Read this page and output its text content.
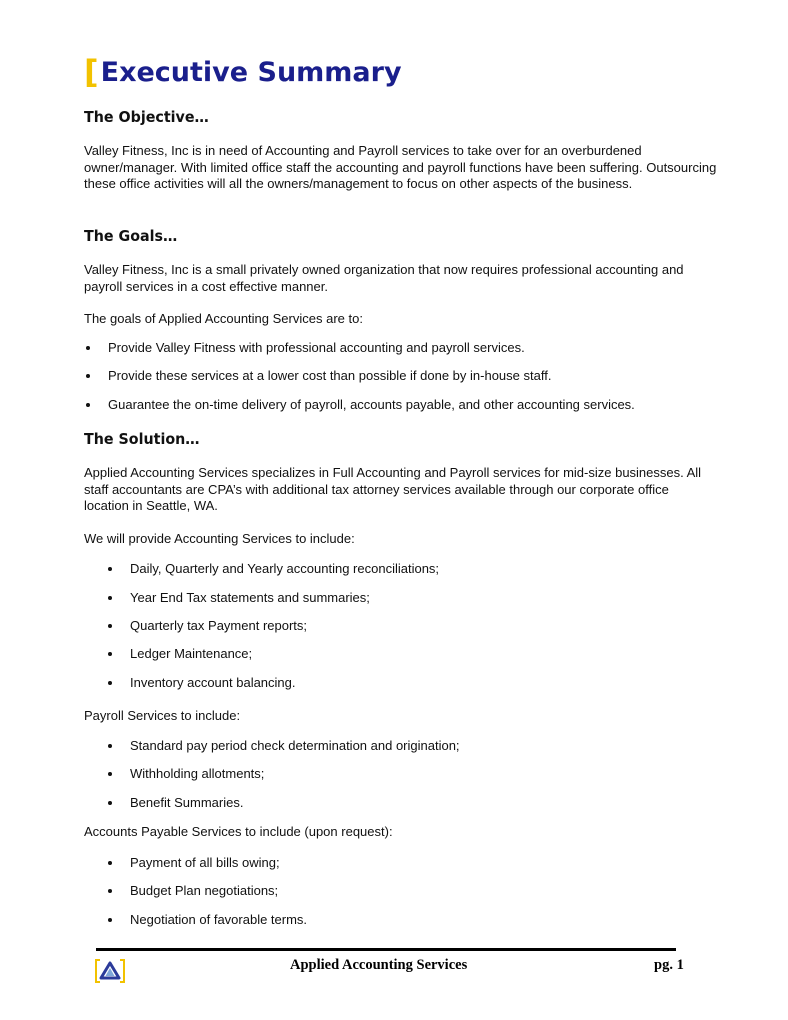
[ Executive Summary
The Objective…
Valley Fitness, Inc is in need of Accounting and Payroll services to take over for an overburdened owner/manager. With limited office staff the accounting and payroll functions have been suffering. Outsourcing these office activities will all the owners/management to focus on other aspects of the business.
The Goals…
Valley Fitness, Inc is a small privately owned organization that now requires professional accounting and payroll services in a cost effective manner.
The goals of Applied Accounting Services are to:
Provide Valley Fitness with professional accounting and payroll services.
Provide these services at a lower cost than possible if done by in-house staff.
Guarantee the on-time delivery of payroll, accounts payable, and other accounting services.
The Solution…
Applied Accounting Services specializes in Full Accounting and Payroll services for mid-size businesses. All staff accountants are CPA’s with additional tax attorney services available through our corporate office location in Seattle, WA.
We will provide Accounting Services to include:
Daily, Quarterly and Yearly accounting reconciliations;
Year End Tax statements and summaries;
Quarterly tax Payment reports;
Ledger Maintenance;
Inventory account balancing.
Payroll Services to include:
Standard pay period check determination and origination;
Withholding allotments;
Benefit Summaries.
Accounts Payable Services to include (upon request):
Payment of all bills owing;
Budget Plan negotiations;
Negotiation of favorable terms.
Applied Accounting Services	pg. 1
